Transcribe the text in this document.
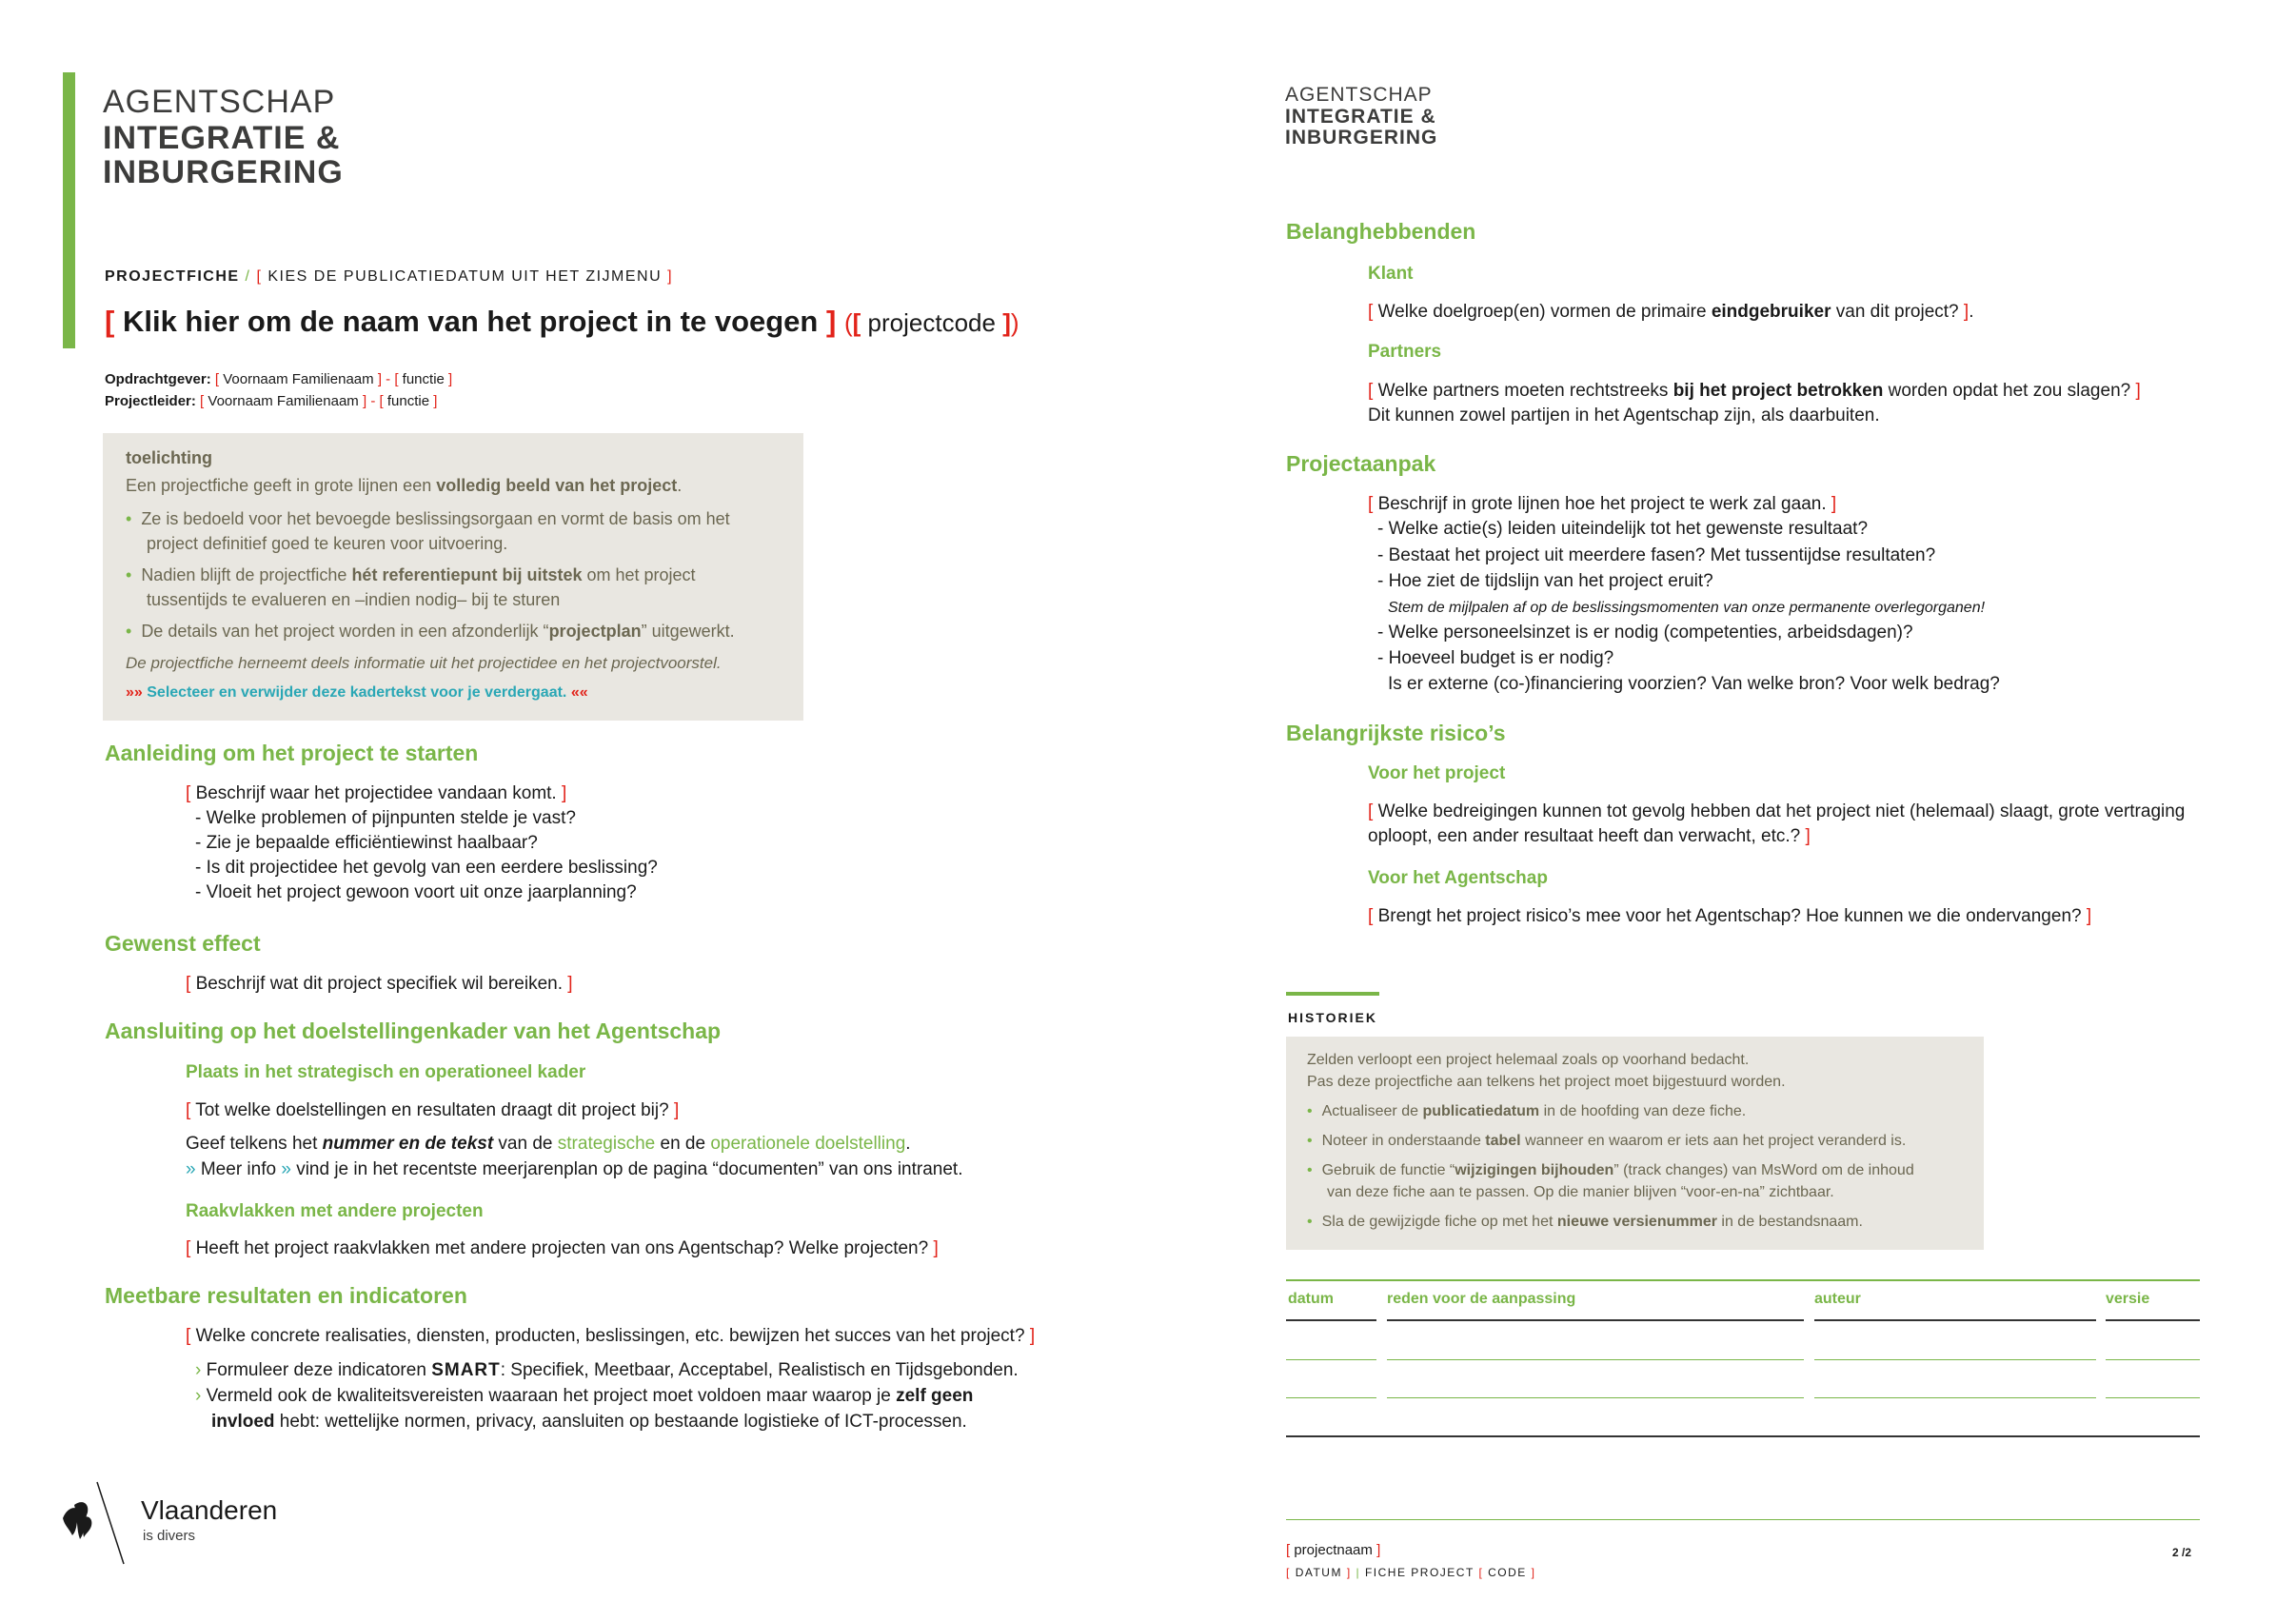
AGENTSCHAP
INTEGRATIE &
INBURGERING
PROJECTFICHE / [ KIES DE PUBLICATIEDATUM UIT HET ZIJMENU ]
[ Klik hier om de naam van het project in te voegen ] ([ projectcode ])
Opdrachtgever: [ Voornaam Familienaam ] - [ functie ]
Projectleider: [ Voornaam Familienaam ] - [ functie ]
toelichting
Een projectfiche geeft in grote lijnen een volledig beeld van het project.
• Ze is bedoeld voor het bevoegde beslissingsorgaan en vormt de basis om het
project definitief goed te keuren voor uitvoering.
• Nadien blijft de projectfiche hét referentiepunt bij uitstek om het project
tussentijds te evalueren en –indien nodig– bij te sturen
• De details van het project worden in een afzonderlijk “projectplan” uitgewerkt.
De projectfiche herneemt deels informatie uit het projectidee en het projectvoorstel.
»» Selecteer en verwijder deze kadertekst voor je verdergaat. ««
Aanleiding om het project te starten
[ Beschrijf waar het projectidee vandaan komt. ]
- Welke problemen of pijnpunten stelde je vast?
- Zie je bepaalde efficiëntiewinst haalbaar?
- Is dit projectidee het gevolg van een eerdere beslissing?
- Vloeit het project gewoon voort uit onze jaarplanning?
Gewenst effect
[ Beschrijf wat dit project specifiek wil bereiken. ]
Aansluiting op het doelstellingenkader van het Agentschap
Plaats in het strategisch en operationeel kader
[ Tot welke doelstellingen en resultaten draagt dit project bij? ]
Geef telkens het nummer en de tekst van de strategische en de operationele doelstelling.
» Meer info » vind je in het recentste meerjarenplan op de pagina “documenten” van ons intranet.
Raakvlakken met andere projecten
[ Heeft het project raakvlakken met andere projecten van ons Agentschap? Welke projecten? ]
Meetbare resultaten en indicatoren
[ Welke concrete realisaties, diensten, producten, beslissingen, etc. bewijzen het succes van het project? ]
› Formuleer deze indicatoren SMART: Specifiek, Meetbaar, Acceptabel, Realistisch en Tijdsgebonden.
› Vermeld ook de kwaliteitsvereisten waaraan het project moet voldoen maar waarop je zelf geen
invloed hebt: wettelijke normen, privacy, aansluiten op bestaande logistieke of ICT-processen.
Vlaanderen
is divers
AGENTSCHAP
INTEGRATIE &
INBURGERING
Belanghebbenden
Klant
[ Welke doelgroep(en) vormen de primaire eindgebruiker van dit project? ].
Partners
[ Welke partners moeten rechtstreeks bij het project betrokken worden opdat het zou slagen? ]
Dit kunnen zowel partijen in het Agentschap zijn, als daarbuiten.
Projectaanpak
[ Beschrijf in grote lijnen hoe het project te werk zal gaan. ]
- Welke actie(s) leiden uiteindelijk tot het gewenste resultaat?
- Bestaat het project uit meerdere fasen? Met tussentijdse resultaten?
- Hoe ziet de tijdslijn van het project eruit?
Stem de mijlpalen af op de beslissingsmomenten van onze permanente overlegorganen!
- Welke personeelsinzet is er nodig (competenties, arbeidsdagen)?
- Hoeveel budget is er nodig?
Is er externe (co-)financiering voorzien? Van welke bron? Voor welk bedrag?
Belangrijkste risico’s
Voor het project
[ Welke bedreigingen kunnen tot gevolg hebben dat het project niet (helemaal) slaagt, grote vertraging
oploopt, een ander resultaat heeft dan verwacht, etc.? ]
Voor het Agentschap
[ Brengt het project risico’s mee voor het Agentschap? Hoe kunnen we die ondervangen? ]
HISTORIEK
Zelden verloopt een project helemaal zoals op voorhand bedacht.
Pas deze projectfiche aan telkens het project moet bijgestuurd worden.
• Actualiseer de publicatiedatum in de hoofding van deze fiche.
• Noteer in onderstaande tabel wanneer en waarom er iets aan het project veranderd is.
• Gebruik de functie “wijzigingen bijhouden” (track changes) van MsWord om de inhoud
van deze fiche aan te passen. Op die manier blijven “voor-en-na” zichtbaar.
• Sla de gewijzigde fiche op met het nieuwe versienummer in de bestandsnaam.
datum	reden voor de aanpassing	auteur	versie
[ projectnaam ]
[ DATUM ] | FICHE PROJECT [ CODE ]
2 /2
